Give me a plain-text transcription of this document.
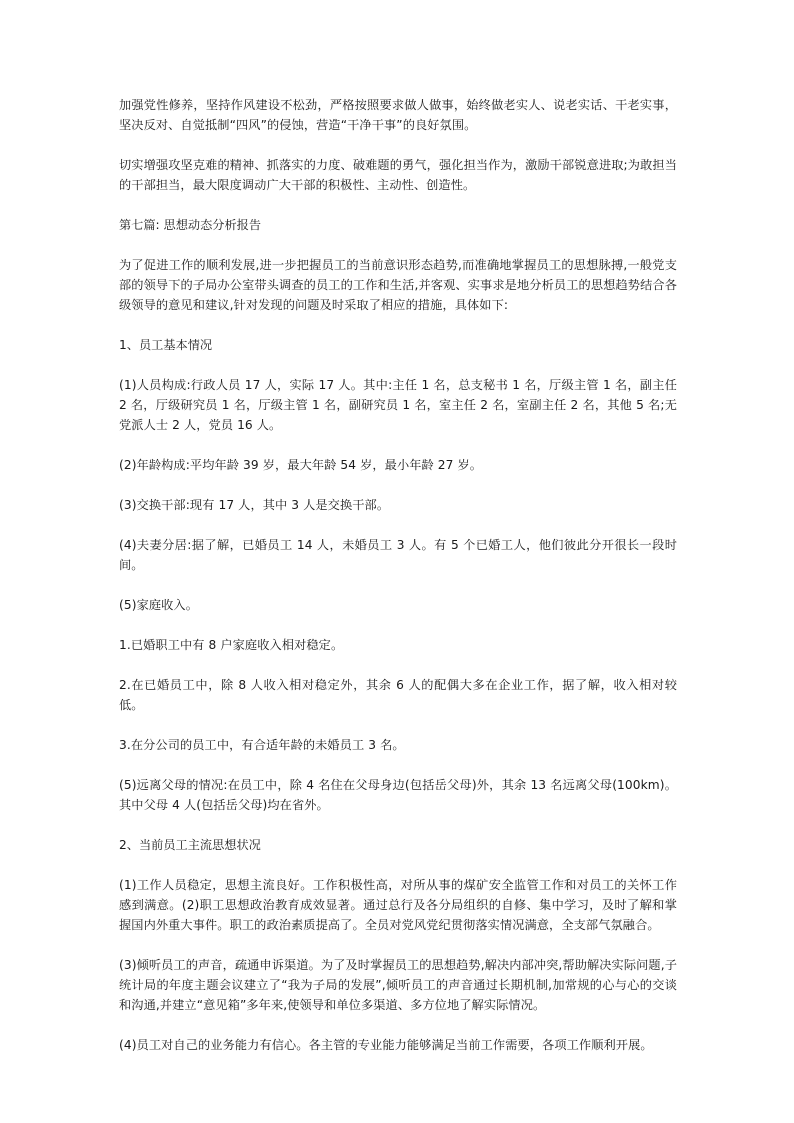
加强党性修养，坚持作风建设不松劲，严格按照要求做人做事，始终做老实人、说老实话、干老实事，坚决反对、自觉抵制“四风”的侵蚀，营造“干净干事”的良好氛围。

切实增强攻坚克难的精神、抓落实的力度、破难题的勇气，强化担当作为，激励干部锐意进取;为敢担当的干部担当，最大限度调动广大干部的积极性、主动性、创造性。

第七篇: 思想动态分析报告

为了促进工作的顺利发展,进一步把握员工的当前意识形态趋势,而准确地掌握员工的思想脉搏,一般党支部的领导下的子局办公室带头调查的员工的工作和生活,并客观、实事求是地分析员工的思想趋势结合各级领导的意见和建议,针对发现的问题及时采取了相应的措施，具体如下:

1、员工基本情况

(1)人员构成:行政人员 17 人，实际 17 人。其中:主任 1 名，总支秘书 1 名，厅级主管 1 名，副主任 2 名，厅级研究员 1 名，厅级主管 1 名，副研究员 1 名，室主任 2 名，室副主任 2 名，其他 5 名;无党派人士 2 人，党员 16 人。

(2)年龄构成:平均年龄 39 岁，最大年龄 54 岁，最小年龄 27 岁。

(3)交换干部:现有 17 人，其中 3 人是交换干部。

(4)夫妻分居:据了解，已婚员工 14 人，未婚员工 3 人。有 5 个已婚工人，他们彼此分开很长一段时间。

(5)家庭收入。

1.已婚职工中有 8 户家庭收入相对稳定。

2.在已婚员工中，除 8 人收入相对稳定外，其余 6 人的配偶大多在企业工作，据了解，收入相对较低。

3.在分公司的员工中，有合适年龄的未婚员工 3 名。

(5)远离父母的情况:在员工中，除 4 名住在父母身边(包括岳父母)外，其余 13 名远离父母(100km)。其中父母 4 人(包括岳父母)均在省外。

2、当前员工主流思想状况

(1)工作人员稳定，思想主流良好。工作积极性高，对所从事的煤矿安全监管工作和对员工的关怀工作感到满意。(2)职工思想政治教育成效显著。通过总行及各分局组织的自修、集中学习，及时了解和掌握国内外重大事件。职工的政治素质提高了。全员对党风党纪贯彻落实情况满意，全支部气氛融合。

(3)倾听员工的声音，疏通申诉渠道。为了及时掌握员工的思想趋势,解决内部冲突,帮助解决实际问题,子统计局的年度主题会议建立了“我为子局的发展”,倾听员工的声音通过长期机制,加常规的心与心的交谈和沟通,并建立“意见箱”多年来,使领导和单位多渠道、多方位地了解实际情况。

(4)员工对自己的业务能力有信心。各主管的专业能力能够满足当前工作需要，各项工作顺利开展。
